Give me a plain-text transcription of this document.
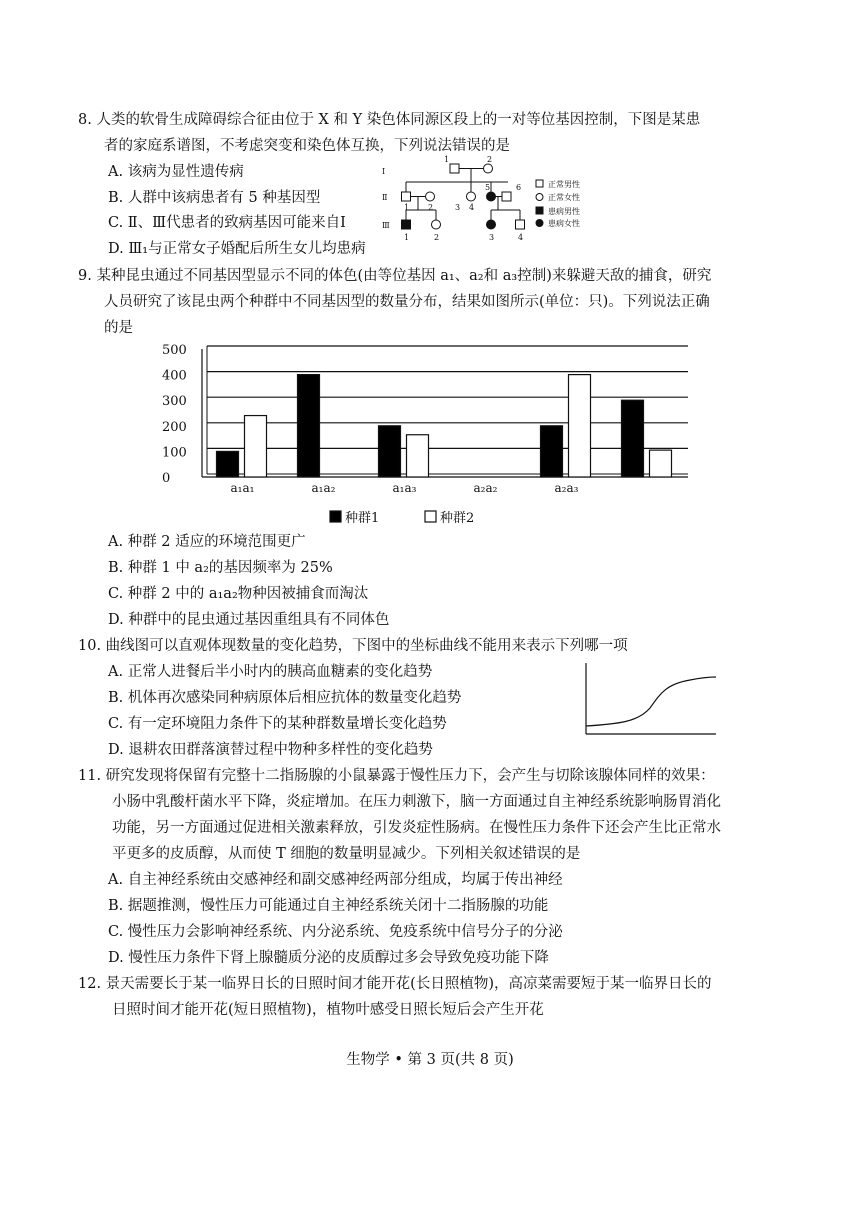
8. 人类的软骨生成障碍综合征由位于 X 和 Y 染色体同源区段上的一对等位基因控制，下图是某患
者的家庭系谱图，不考虑突变和染色体互换，下列说法错误的是
A. 该病为显性遗传病
B. 人群中该病患者有 5 种基因型
C. Ⅱ、Ⅲ代患者的致病基因可能来自Ⅰ
D. Ⅲ₁与正常女子婚配后所生女儿均患病
Ⅰ
Ⅱ
Ⅲ
1	2
1 2	3 4
5	6
1	2	3	4
正常男性
正常女性
患病男性
患病女性
9. 某种昆虫通过不同基因型显示不同的体色(由等位基因 a₁、a₂和 a₃控制)来躲避天敌的捕食，研究
人员研究了该昆虫两个种群中不同基因型的数量分布，结果如图所示(单位：只)。下列说法正确
的是
0
100
200
300
400
500
a₁a₁	a₁a₂	a₁a₃	a₂a₂	a₂a₃
种群1	种群2
A. 种群 2 适应的环境范围更广
B. 种群 1 中 a₂的基因频率为 25%
C. 种群 2 中的 a₁a₂物种因被捕食而淘汰
D. 种群中的昆虫通过基因重组具有不同体色
10. 曲线图可以直观体现数量的变化趋势，下图中的坐标曲线不能用来表示下列哪一项
A. 正常人进餐后半小时内的胰高血糖素的变化趋势
B. 机体再次感染同种病原体后相应抗体的数量变化趋势
C. 有一定环境阻力条件下的某种群数量增长变化趋势
D. 退耕农田群落演替过程中物种多样性的变化趋势
11. 研究发现将保留有完整十二指肠腺的小鼠暴露于慢性压力下，会产生与切除该腺体同样的效果：
小肠中乳酸杆菌水平下降，炎症增加。在压力刺激下，脑一方面通过自主神经系统影响肠胃消化
功能，另一方面通过促进相关激素释放，引发炎症性肠病。在慢性压力条件下还会产生比正常水
平更多的皮质醇，从而使 T 细胞的数量明显减少。下列相关叙述错误的是
A. 自主神经系统由交感神经和副交感神经两部分组成，均属于传出神经
B. 据题推测，慢性压力可能通过自主神经系统关闭十二指肠腺的功能
C. 慢性压力会影响神经系统、内分泌系统、免疫系统中信号分子的分泌
D. 慢性压力条件下肾上腺髓质分泌的皮质醇过多会导致免疫功能下降
12. 景天需要长于某一临界日长的日照时间才能开花(长日照植物)，高凉菜需要短于某一临界日长的
日照时间才能开花(短日照植物)，植物叶感受日照长短后会产生开花
生物学 • 第 3 页(共 8 页)
